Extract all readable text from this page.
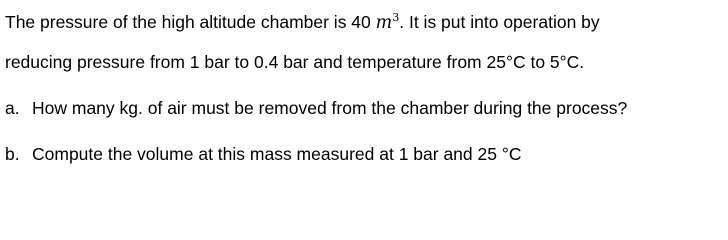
The pressure of the high altitude chamber is 40 $m^3$. It is put into operation by
reducing pressure from 1 bar to 0.4 bar and temperature from 25°C to 5°C.
a. How many kg. of air must be removed from the chamber during the process?
b. Compute the volume at this mass measured at 1 bar and 25 °C
